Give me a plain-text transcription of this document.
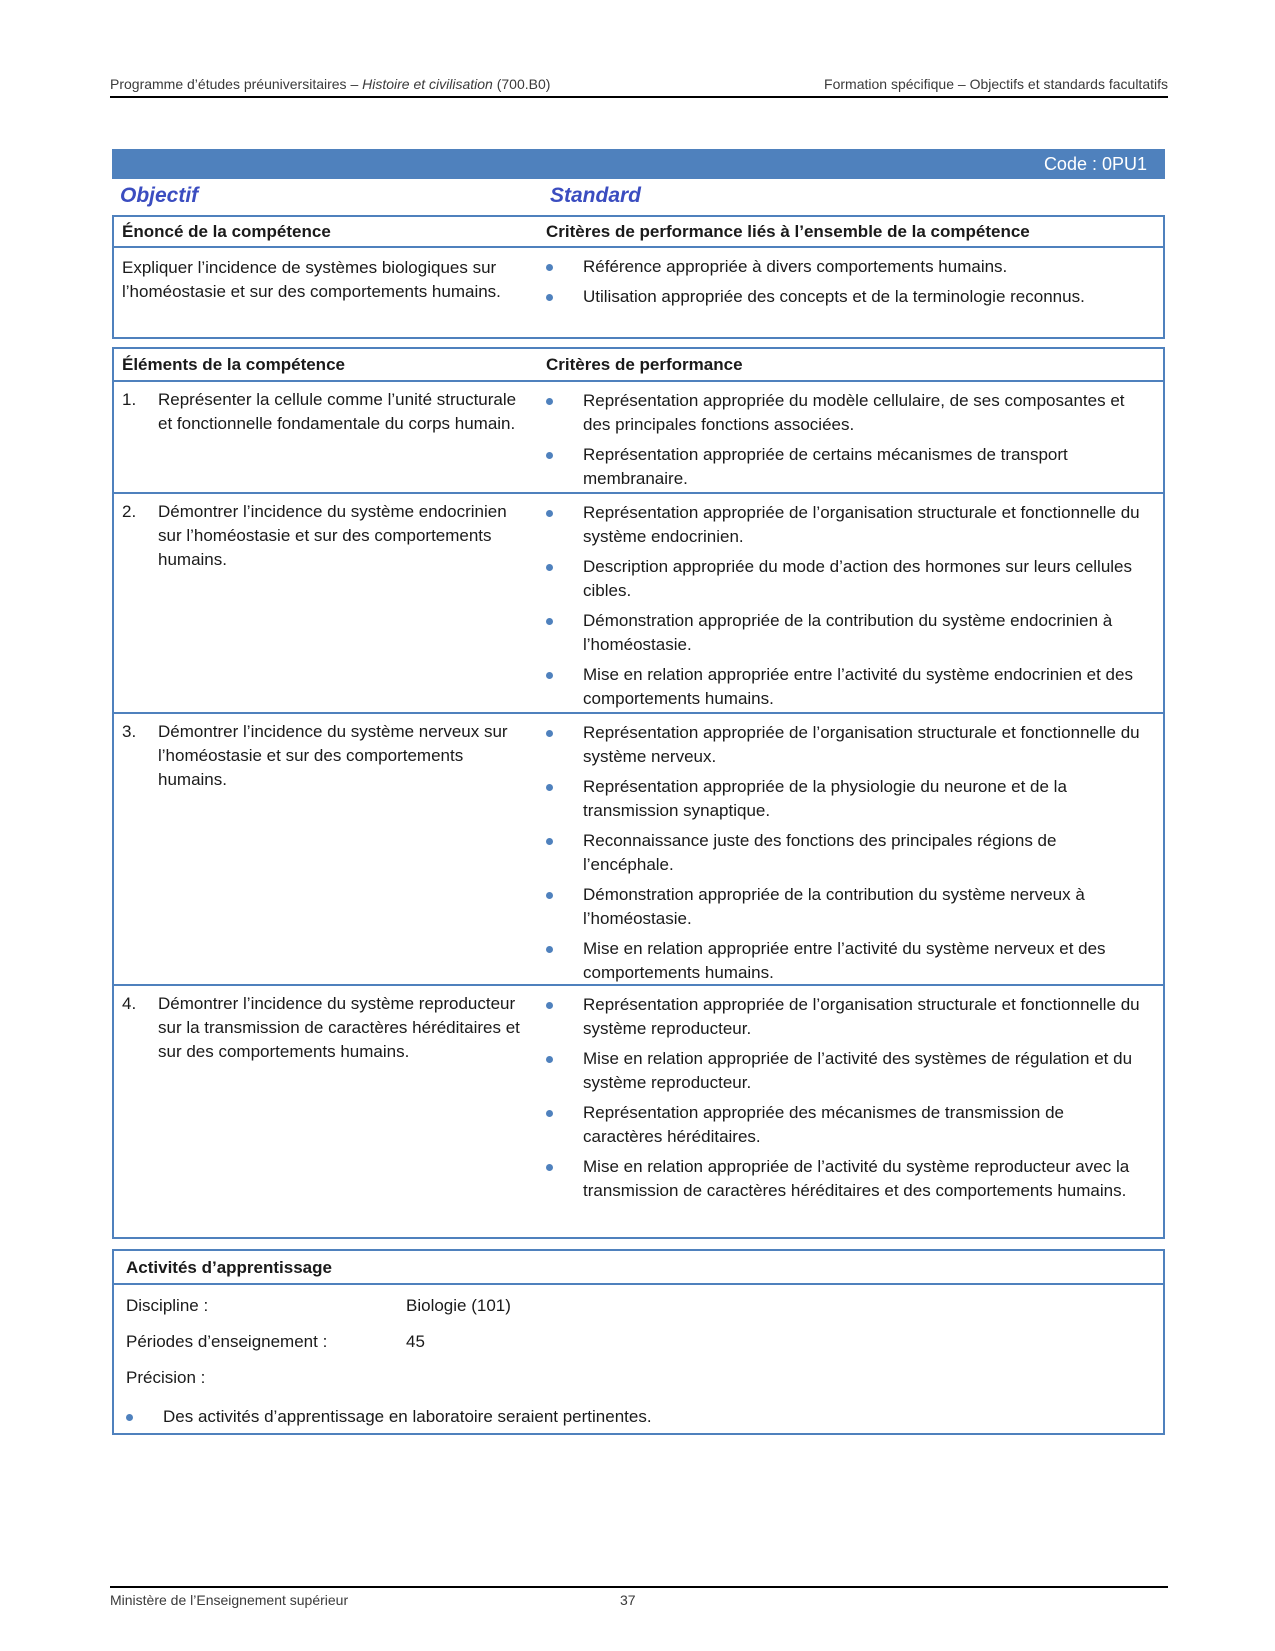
Programme d’études préuniversitaires – Histoire et civilisation (700.B0)	Formation spécifique – Objectifs et standards facultatifs
Code : 0PU1
Objectif	Standard
Énoncé de la compétence	Critères de performance liés à l’ensemble de la compétence
Expliquer l’incidence de systèmes biologiques sur l’homéostasie et sur des comportements humains.
Référence appropriée à divers comportements humains.
Utilisation appropriée des concepts et de la terminologie reconnus.
Éléments de la compétence	Critères de performance
1. Représenter la cellule comme l’unité structurale et fonctionnelle fondamentale du corps humain.
Représentation appropriée du modèle cellulaire, de ses composantes et des principales fonctions associées.
Représentation appropriée de certains mécanismes de transport membranaire.
2. Démontrer l’incidence du système endocrinien sur l’homéostasie et sur des comportements humains.
Représentation appropriée de l’organisation structurale et fonctionnelle du système endocrinien.
Description appropriée du mode d’action des hormones sur leurs cellules cibles.
Démonstration appropriée de la contribution du système endocrinien à l’homéostasie.
Mise en relation appropriée entre l’activité du système endocrinien et des comportements humains.
3. Démontrer l’incidence du système nerveux sur l’homéostasie et sur des comportements humains.
Représentation appropriée de l’organisation structurale et fonctionnelle du système nerveux.
Représentation appropriée de la physiologie du neurone et de la transmission synaptique.
Reconnaissance juste des fonctions des principales régions de l’encéphale.
Démonstration appropriée de la contribution du système nerveux à l’homéostasie.
Mise en relation appropriée entre l’activité du système nerveux et des comportements humains.
4. Démontrer l’incidence du système reproducteur sur la transmission de caractères héréditaires et sur des comportements humains.
Représentation appropriée de l’organisation structurale et fonctionnelle du système reproducteur.
Mise en relation appropriée de l’activité des systèmes de régulation et du système reproducteur.
Représentation appropriée des mécanismes de transmission de caractères héréditaires.
Mise en relation appropriée de l’activité du système reproducteur avec la transmission de caractères héréditaires et des comportements humains.
Activités d’apprentissage
Discipline :	Biologie (101)
Périodes d’enseignement :	45
Précision :
Des activités d’apprentissage en laboratoire seraient pertinentes.
Ministère de l’Enseignement supérieur	37
